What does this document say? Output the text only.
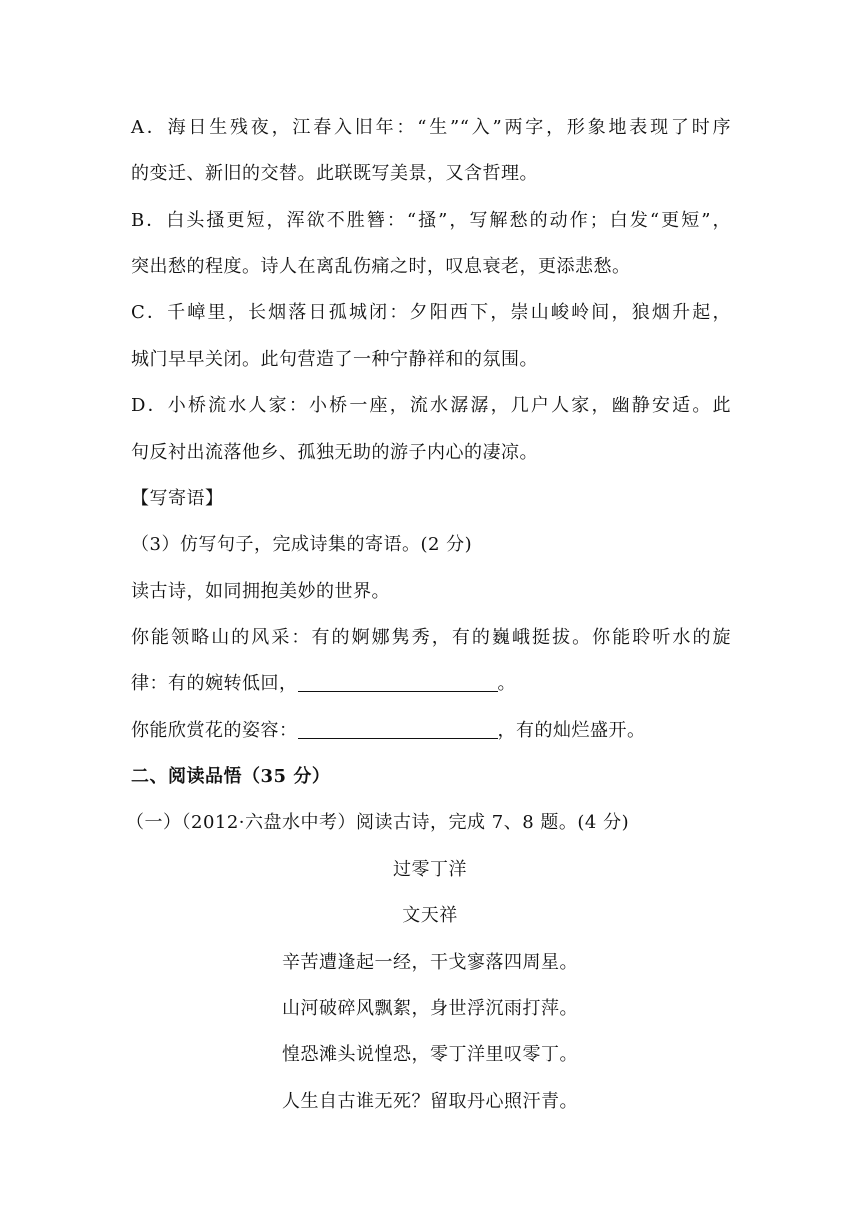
A．海日生残夜，江春入旧年：“生”“入”两字，形象地表现了时序
的变迁、新旧的交替。此联既写美景，又含哲理。
B．白头搔更短，浑欲不胜簪：“搔”，写解愁的动作；白发“更短”，
突出愁的程度。诗人在离乱伤痛之时，叹息衰老，更添悲愁。
C．千嶂里，长烟落日孤城闭：夕阳西下，崇山峻岭间，狼烟升起，
城门早早关闭。此句营造了一种宁静祥和的氛围。
D．小桥流水人家：小桥一座，流水潺潺，几户人家，幽静安适。此
句反衬出流落他乡、孤独无助的游子内心的凄凉。
【写寄语】
（3）仿写句子，完成诗集的寄语。(2 分)
读古诗，如同拥抱美妙的世界。
你能领略山的风采：有的婀娜隽秀，有的巍峨挺拔。你能聆听水的旋
律：有的婉转低回，	。
你能欣赏花的姿容：	，有的灿烂盛开。
二、阅读品悟（35 分）
（一）（2012·六盘水中考）阅读古诗，完成 7、8 题。(4 分)
过零丁洋
文天祥
辛苦遭逢起一经，干戈寥落四周星。
山河破碎风飘絮，身世浮沉雨打萍。
惶恐滩头说惶恐，零丁洋里叹零丁。
人生自古谁无死？留取丹心照汗青。
